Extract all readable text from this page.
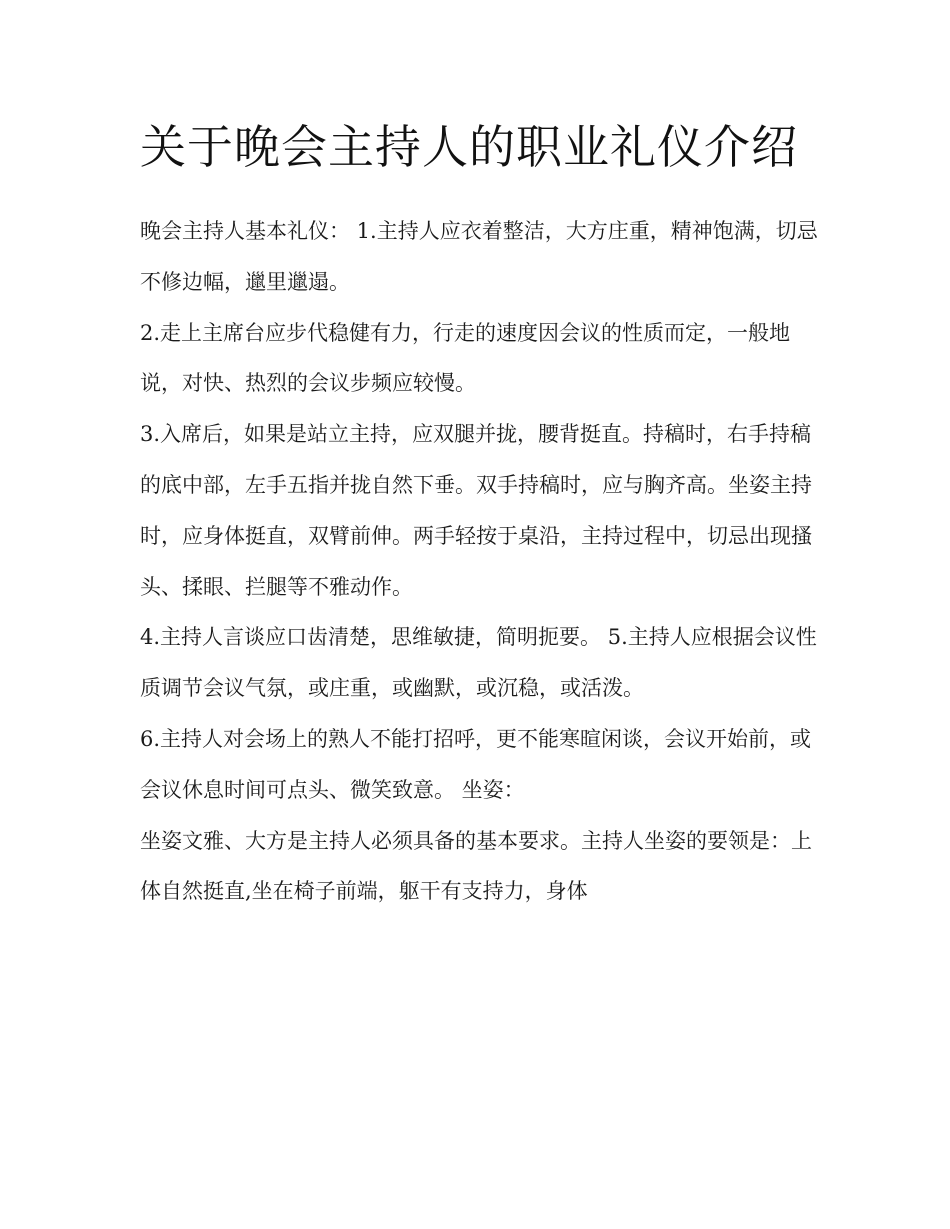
关于晚会主持人的职业礼仪介绍

晚会主持人基本礼仪： 1.主持人应衣着整洁，大方庄重，精神饱满，切忌不修边幅，邋里邋遢。

2.走上主席台应步代稳健有力，行走的速度因会议的性质而定，一般地说，对快、热烈的会议步频应较慢。

3.入席后，如果是站立主持，应双腿并拢，腰背挺直。持稿时，右手持稿的底中部，左手五指并拢自然下垂。双手持稿时，应与胸齐高。坐姿主持时，应身体挺直，双臂前伸。两手轻按于桌沿，主持过程中，切忌出现搔头、揉眼、拦腿等不雅动作。

4.主持人言谈应口齿清楚，思维敏捷，简明扼要。 5.主持人应根据会议性质调节会议气氛，或庄重，或幽默，或沉稳，或活泼。

6.主持人对会场上的熟人不能打招呼，更不能寒暄闲谈，会议开始前，或会议休息时间可点头、微笑致意。 坐姿：

坐姿文雅、大方是主持人必须具备的基本要求。主持人坐姿的要领是：上体自然挺直,坐在椅子前端，躯干有支持力，身体
